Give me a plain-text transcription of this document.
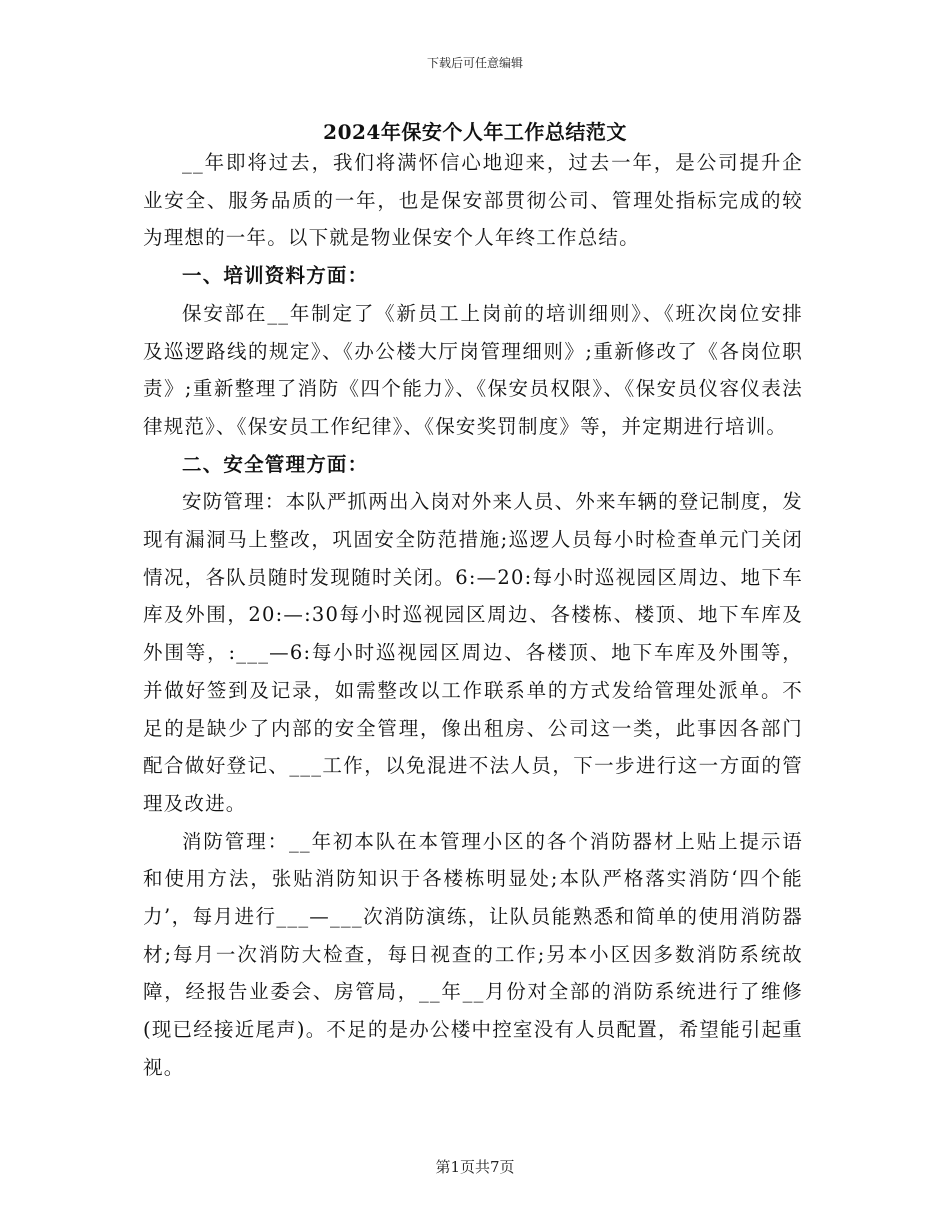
下载后可任意编辑
2024年保安个人年工作总结范文

__年即将过去，我们将满怀信心地迎来，过去一年，是公司提升企业安全、服务品质的一年，也是保安部贯彻公司、管理处指标完成的较为理想的一年。以下就是物业保安个人年终工作总结。

一、培训资料方面：

保安部在__年制定了《新员工上岗前的培训细则》、《班次岗位安排及巡逻路线的规定》、《办公楼大厅岗管理细则》;重新修改了《各岗位职责》;重新整理了消防《四个能力》、《保安员权限》、《保安员仪容仪表法律规范》、《保安员工作纪律》、《保安奖罚制度》等，并定期进行培训。

二、安全管理方面：

安防管理：本队严抓两出入岗对外来人员、外来车辆的登记制度，发现有漏洞马上整改，巩固安全防范措施;巡逻人员每小时检查单元门关闭情况，各队员随时发现随时关闭。6:—20:每小时巡视园区周边、地下车库及外围，20:—:30每小时巡视园区周边、各楼栋、楼顶、地下车库及外围等，:___—6:每小时巡视园区周边、各楼顶、地下车库及外围等，并做好签到及记录，如需整改以工作联系单的方式发给管理处派单。不足的是缺少了内部的安全管理，像出租房、公司这一类，此事因各部门配合做好登记、___工作，以免混进不法人员，下一步进行这一方面的管理及改进。

消防管理：__年初本队在本管理小区的各个消防器材上贴上提示语和使用方法，张贴消防知识于各楼栋明显处;本队严格落实消防‘四个能力’，每月进行___—___次消防演练，让队员能熟悉和简单的使用消防器材;每月一次消防大检查，每日视查的工作;另本小区因多数消防系统故障，经报告业委会、房管局，__年__月份对全部的消防系统进行了维修(现已经接近尾声)。不足的是办公楼中控室没有人员配置，希望能引起重视。

第1页共7页
